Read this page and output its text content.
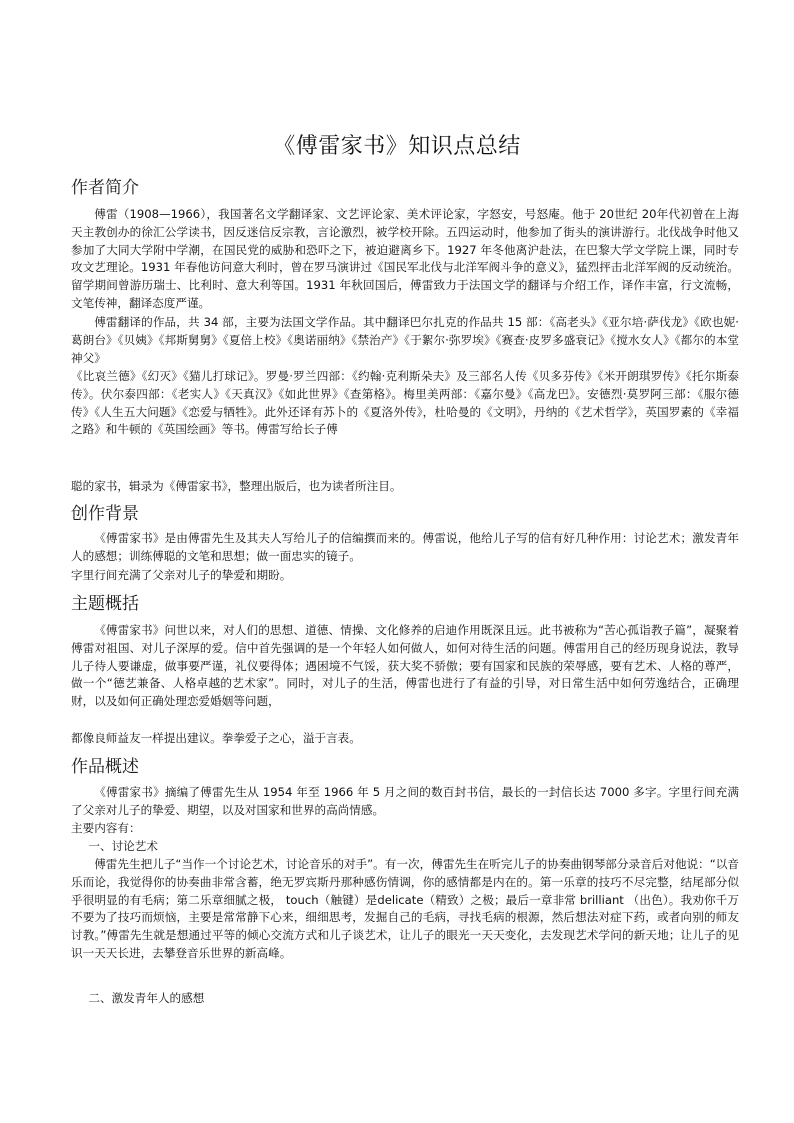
《傅雷家书》知识点总结
作者简介

傅雷（1908—1966），我国著名文学翻译家、文艺评论家、美术评论家，字怒安，号怒庵。他于 20世纪 20年代初曾在上海天主教创办的徐汇公学读书，因反迷信反宗教，言论激烈，被学校开除。五四运动时，他参加了街头的演讲游行。北伐战争时他又参加了大同大学附中学潮，在国民党的威胁和恐吓之下，被迫避离乡下。1927 年冬他离沪赴法，在巴黎大学文学院上课，同时专攻文艺理论。1931 年春他访问意大利时，曾在罗马演讲过《国民军北伐与北洋军阀斗争的意义》，猛烈抨击北洋军阀的反动统治。留学期间曾游历瑞士、比利时、意大利等国。1931 年秋回国后，傅雷致力于法国文学的翻译与介绍工作，译作丰富，行文流畅，文笔传神，翻译态度严谨。

傅雷翻译的作品，共 34 部，主要为法国文学作品。其中翻译巴尔扎克的作品共 15 部：《高老头》《亚尔培·萨伐龙》《欧也妮·葛朗台》《贝姨》《邦斯舅舅》《夏倍上校》《奥诺丽纳》《禁治产》《于絮尔·弥罗埃》《赛查·皮罗多盛衰记》《搅水女人》《都尔的本堂神父》

《比哀兰德》《幻灭》《猫儿打球记》。罗曼·罗兰四部：《约翰·克利斯朵夫》及三部名人传《贝多芬传》《米开朗琪罗传》《托尔斯泰传》。伏尔泰四部：《老实人》《天真汉》《如此世界》《查第格》。梅里美两部：《嘉尔曼》《高龙巴》。安德烈·莫罗阿三部：《服尔德传》《人生五大问题》《恋爱与牺牲》。此外还译有苏卜的《夏洛外传》，杜哈曼的《文明》，丹纳的《艺术哲学》，英国罗素的《幸福之路》和牛顿的《英国绘画》等书。傅雷写给长子傅

聪的家书，辑录为《傅雷家书》，整理出版后，也为读者所注目。

创作背景

《傅雷家书》是由傅雷先生及其夫人写给儿子的信编撰而来的。傅雷说，他给儿子写的信有好几种作用：讨论艺术；激发青年人的感想；训练傅聪的文笔和思想；做一面忠实的镜子。

字里行间充满了父亲对儿子的挚爱和期盼。

主题概括

《傅雷家书》问世以来，对人们的思想、道德、情操、文化修养的启迪作用既深且远。此书被称为“苦心孤诣教子篇”，凝聚着傅雷对祖国、对儿子深厚的爱。信中首先强调的是一个年轻人如何做人，如何对待生活的问题。傅雷用自己的经历现身说法，教导儿子待人要谦虚，做事要严谨，礼仪要得体；遇困境不气馁，获大奖不骄傲；要有国家和民族的荣辱感，要有艺术、人格的尊严，做一个“德艺兼备、人格卓越的艺术家”。同时，对儿子的生活，傅雷也进行了有益的引导，对日常生活中如何劳逸结合，正确理财，以及如何正确处理恋爱婚姻等问题，

都像良师益友一样提出建议。拳拳爱子之心，溢于言表。

作品概述

《傅雷家书》摘编了傅雷先生从 1954 年至 1966 年 5 月之间的数百封书信，最长的一封信长达 7000 多字。字里行间充满了父亲对儿子的挚爱、期望，以及对国家和世界的高尚情感。

主要内容有：

一、讨论艺术

傅雷先生把儿子“当作一个讨论艺术，讨论音乐的对手”。有一次，傅雷先生在听完儿子的协奏曲钢琴部分录音后对他说：“以音乐而论，我觉得你的协奏曲非常含蓄，绝无罗宾斯丹那种感伤情调，你的感情都是内在的。第一乐章的技巧不尽完整，结尾部分似乎很明显的有毛病；第二乐章细腻之极， touch（触键）是delicate（精致）之极；最后一章非常 brilliant （出色）。我劝你千万不要为了技巧而烦恼，主要是常常静下心来，细细思考，发掘自己的毛病，寻找毛病的根源，然后想法对症下药，或者向别的师友讨教。”傅雷先生就是想通过平等的倾心交流方式和儿子谈艺术，让儿子的眼光一天天变化，去发现艺术学问的新天地；让儿子的见识一天天长进，去攀登音乐世界的新高峰。

二、激发青年人的感想
